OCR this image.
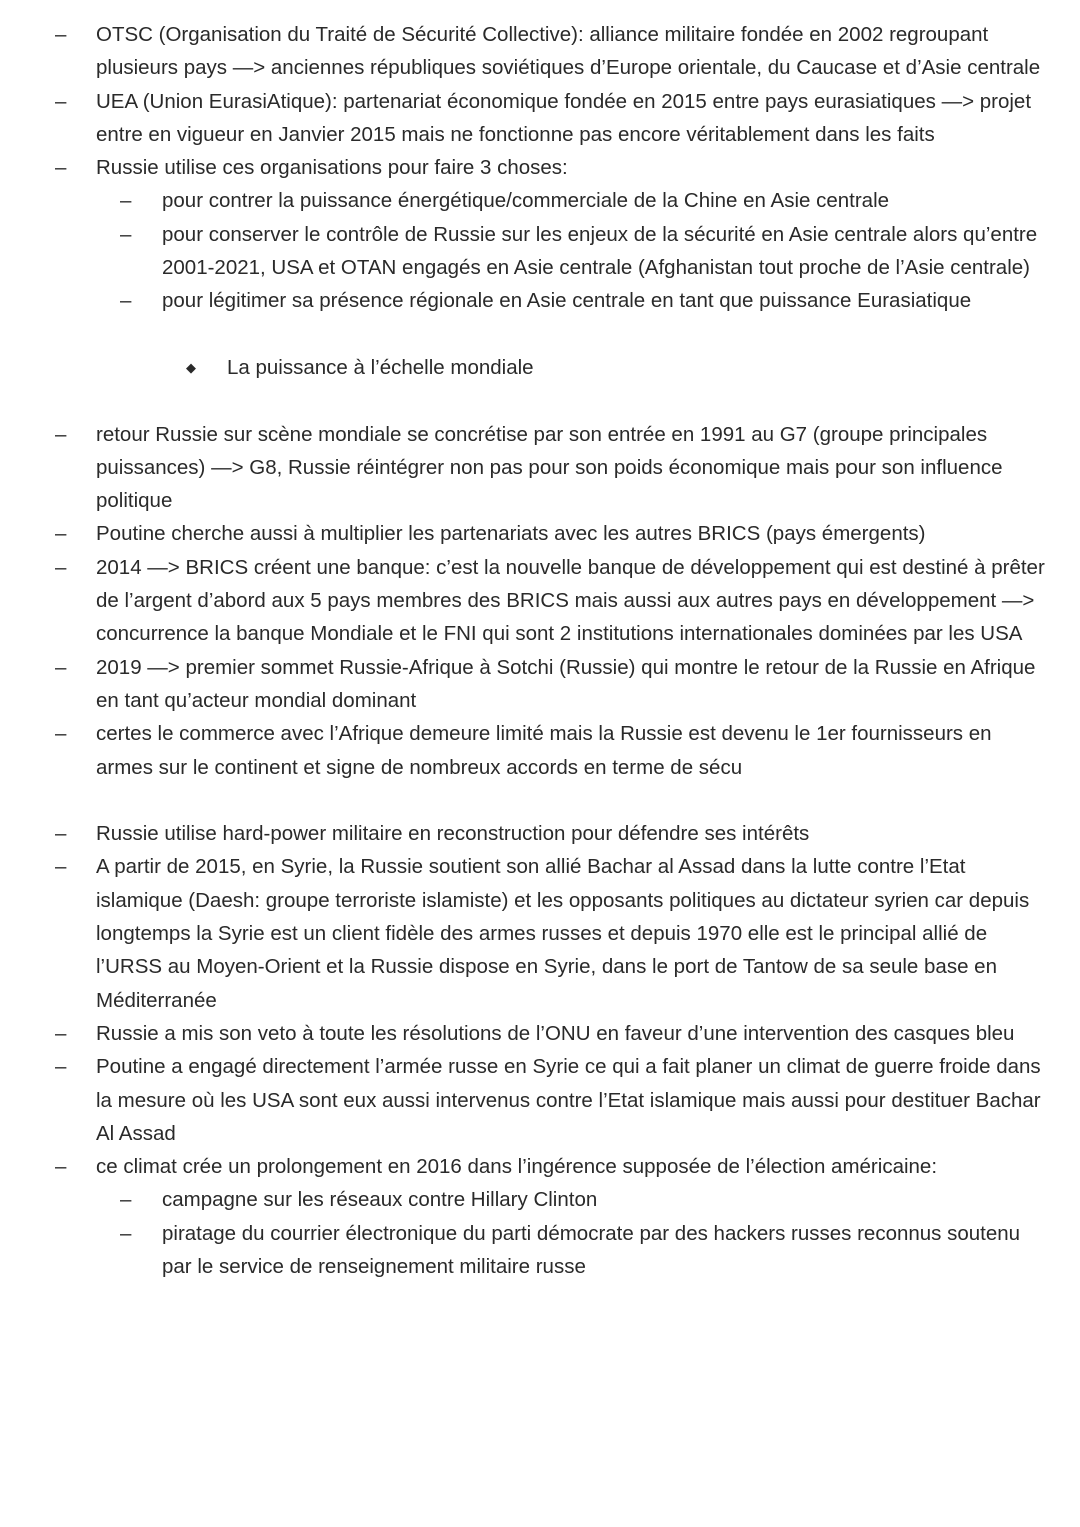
–	OTSC (Organisation du Traité de Sécurité Collective): alliance militaire fondée en 2002 regroupant plusieurs pays —> anciennes républiques soviétiques d’Europe orientale, du Caucase et d’Asie centrale
–	UEA (Union EurasiAtique): partenariat économique fondée en 2015 entre pays eurasiatiques —> projet entre en vigueur en Janvier 2015 mais ne fonctionne pas encore véritablement dans les faits
–	Russie utilise ces organisations pour faire 3 choses:
–	pour contrer la puissance énergétique/commerciale de la Chine en Asie centrale
–	pour conserver le contrôle de Russie sur les enjeux de la sécurité en Asie centrale alors qu’entre 2001-2021, USA et OTAN engagés en Asie centrale (Afghanistan tout proche de l’Asie centrale)
–	pour légitimer sa présence régionale en Asie centrale en tant que puissance Eurasiatique
◆	La puissance à l’échelle mondiale
–	retour Russie sur scène mondiale se concrétise par son entrée en 1991 au G7 (groupe principales puissances) —> G8, Russie réintégrer non pas pour son poids économique mais pour son influence politique
–	Poutine cherche aussi à multiplier les partenariats avec les autres BRICS (pays émergents)
–	2014 —> BRICS créent une banque: c’est la nouvelle banque de développement qui est destiné à prêter de l’argent d’abord aux 5 pays membres des BRICS mais aussi aux autres pays en développement —> concurrence la banque Mondiale et le FNI qui sont 2 institutions internationales dominées par les USA
–	2019 —> premier sommet Russie-Afrique à Sotchi (Russie) qui montre le retour de la Russie en Afrique en tant qu’acteur mondial dominant
–	certes le commerce avec l’Afrique demeure limité mais la Russie est devenu le 1er fournisseurs en armes sur le continent et signe de nombreux accords en terme de sécu
–	Russie utilise hard-power militaire en reconstruction pour défendre ses intérêts
–	A partir de 2015, en Syrie, la Russie soutient son allié Bachar al Assad dans la lutte contre l’Etat islamique (Daesh: groupe terroriste islamiste) et les opposants politiques au dictateur syrien car depuis longtemps la Syrie est un client fidèle des armes russes et depuis 1970 elle est le principal allié de l’URSS au Moyen-Orient et la Russie dispose en Syrie, dans le port de Tantow de sa seule base en Méditerranée
–	Russie a mis son veto à toute les résolutions de l’ONU en faveur d’une intervention des casques bleu
–	Poutine a engagé directement l’armée russe en Syrie ce qui a fait planer un climat de guerre froide dans la mesure où les USA sont eux aussi intervenus contre l’Etat islamique mais aussi pour destituer Bachar Al Assad
–	ce climat crée un prolongement en 2016 dans l’ingérence supposée de l’élection américaine:
–	campagne sur les réseaux contre Hillary Clinton
–	piratage du courrier électronique du parti démocrate par des hackers russes reconnus soutenu par le service de renseignement militaire russe
